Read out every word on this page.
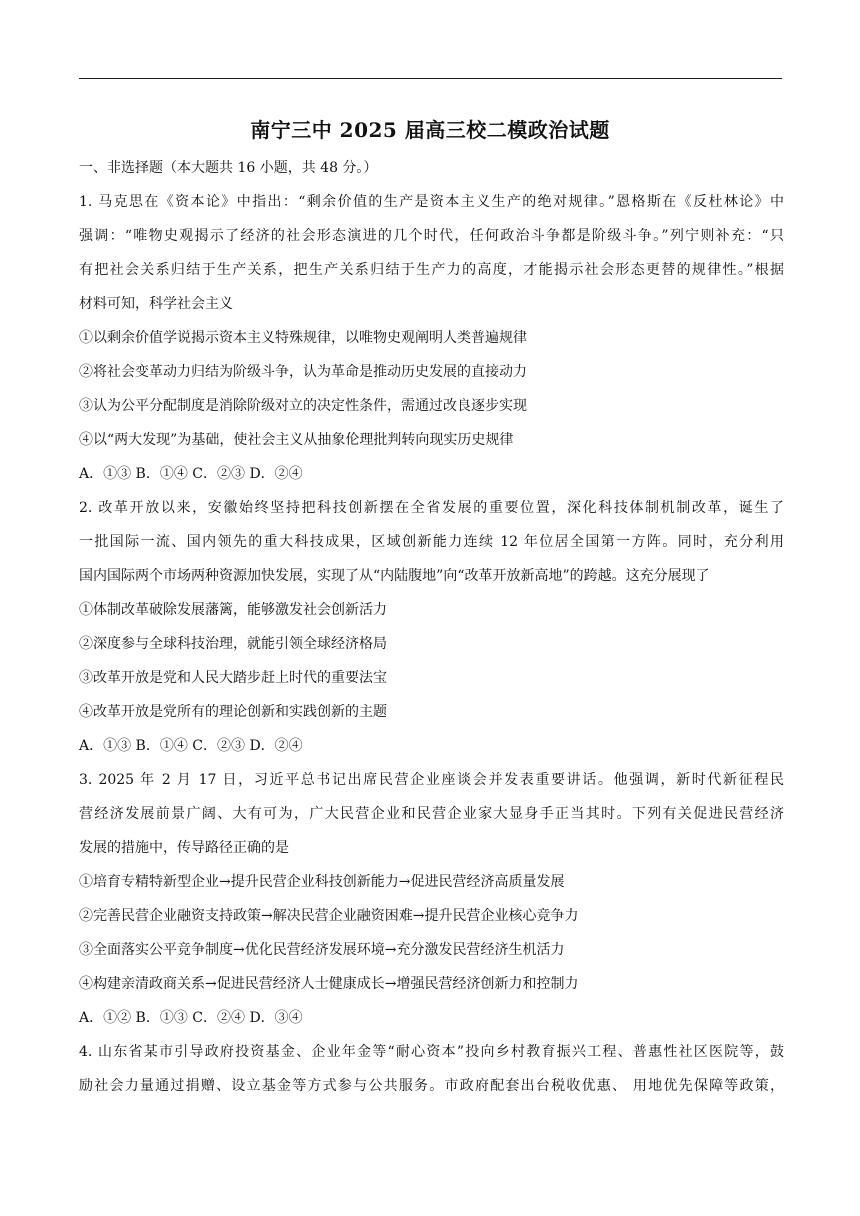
南宁三中 2025 届高三校二模政治试题
一、非选择题（本大题共 16 小题，共 48 分。）
1. 马克思在《资本论》中指出：“剩余价值的生产是资本主义生产的绝对规律。”恩格斯在《反杜林论》中
强调：“唯物史观揭示了经济的社会形态演进的几个时代，任何政治斗争都是阶级斗争。”列宁则补充：“只
有把社会关系归结于生产关系，把生产关系归结于生产力的高度，才能揭示社会形态更替的规律性。”根据
材料可知，科学社会主义
①以剩余价值学说揭示资本主义特殊规律，以唯物史观阐明人类普遍规律
②将社会变革动力归结为阶级斗争，认为革命是推动历史发展的直接动力
③认为公平分配制度是消除阶级对立的决定性条件，需通过改良逐步实现
④以“两大发现”为基础，使社会主义从抽象伦理批判转向现实历史规律
A．①③ B．①④ C．②③ D．②④
2. 改革开放以来，安徽始终坚持把科技创新摆在全省发展的重要位置，深化科技体制机制改革，诞生了
一批国际一流、国内领先的重大科技成果，区域创新能力连续 12 年位居全国第一方阵。同时，充分利用
国内国际两个市场两种资源加快发展，实现了从“内陆腹地”向“改革开放新高地”的跨越。这充分展现了
①体制改革破除发展藩篱，能够激发社会创新活力
②深度参与全球科技治理，就能引领全球经济格局
③改革开放是党和人民大踏步赶上时代的重要法宝
④改革开放是党所有的理论创新和实践创新的主题
A．①③ B．①④ C．②③ D．②④
3. 2025 年 2 月 17 日，习近平总书记出席民营企业座谈会并发表重要讲话。他强调，新时代新征程民
营经济发展前景广阔、大有可为，广大民营企业和民营企业家大显身手正当其时。下列有关促进民营经济
发展的措施中，传导路径正确的是
①培育专精特新型企业→提升民营企业科技创新能力→促进民营经济高质量发展
②完善民营企业融资支持政策→解决民营企业融资困难→提升民营企业核心竞争力
③全面落实公平竞争制度→优化民营经济发展环境→充分激发民营经济生机活力
④构建亲清政商关系→促进民营经济人士健康成长→增强民营经济创新力和控制力
A．①② B．①③ C．②④ D．③④
4. 山东省某市引导政府投资基金、企业年金等“耐心资本”投向乡村教育振兴工程、普惠性社区医院等，鼓
励社会力量通过捐赠、设立基金等方式参与公共服务。市政府配套出台税收优惠、 用地优先保障等政策，
